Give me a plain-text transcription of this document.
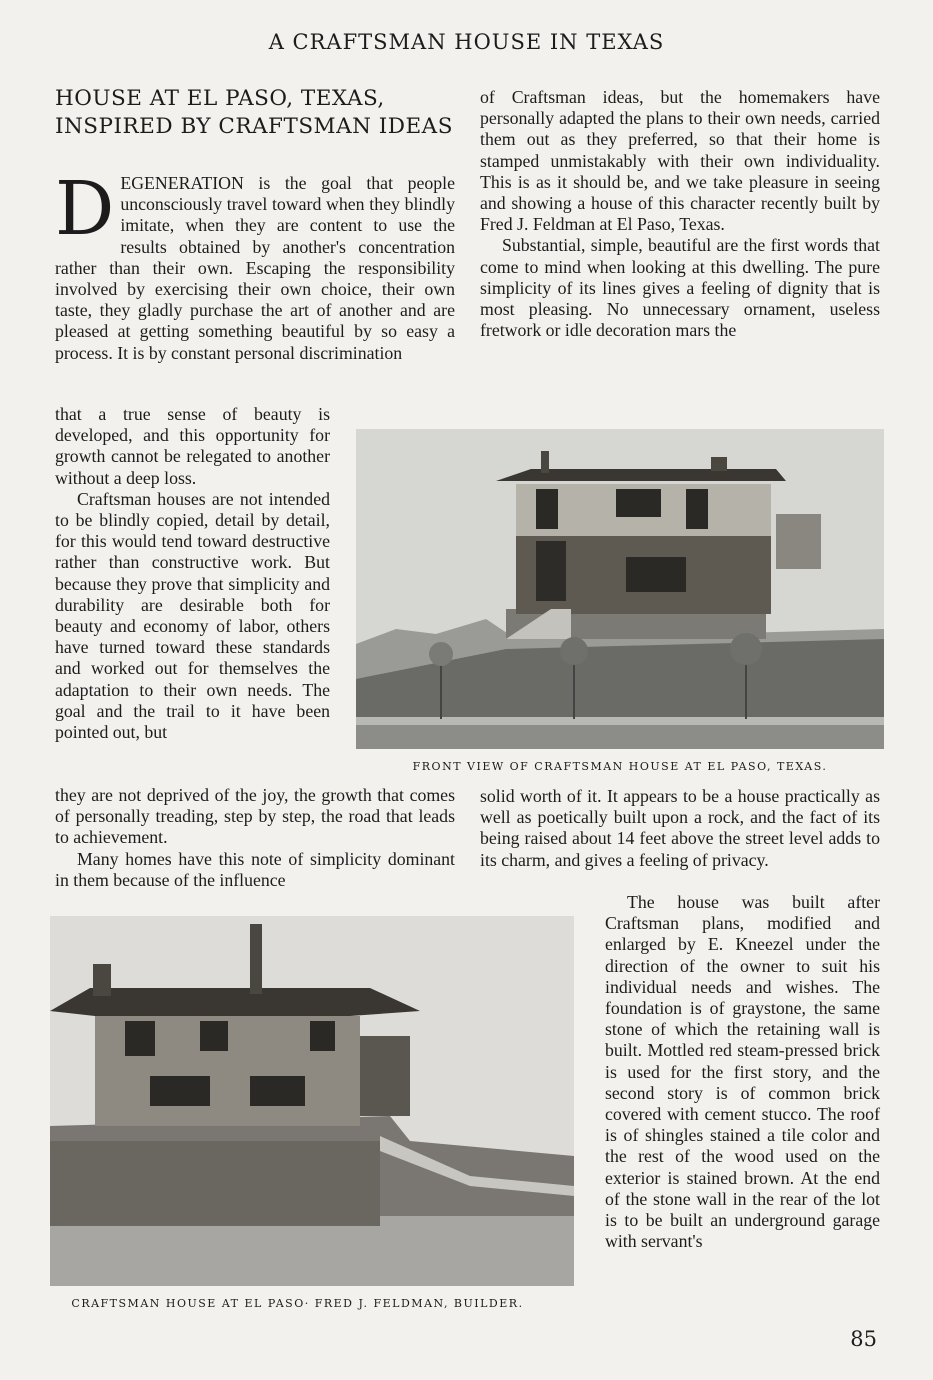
A CRAFTSMAN HOUSE IN TEXAS
HOUSE AT EL PASO, TEXAS, INSPIRED BY CRAFTSMAN IDEAS

DEGENERATION is the goal that people unconsciously travel toward when they blindly imitate, when they are content to use the results obtained by another's concentration rather than their own. Escaping the responsibility involved by exercising their own choice, their own taste, they gladly purchase the art of another and are pleased at getting something beautiful by so easy a process. It is by constant personal discrimination

that a true sense of beauty is developed, and this opportunity for growth cannot be relegated to another without a deep loss.

Craftsman houses are not intended to be blindly copied, detail by detail, for this would tend toward destructive rather than constructive work. But because they prove that simplicity and durability are desirable both for beauty and economy of labor, others have turned toward these standards and worked out for themselves the adaptation to their own needs. The goal and the trail to it have been pointed out, but

they are not deprived of the joy, the growth that comes of personally treading, step by step, the road that leads to achievement.

Many homes have this note of simplicity dominant in them because of the influence

of Craftsman ideas, but the homemakers have personally adapted the plans to their own needs, carried them out as they preferred, so that their home is stamped unmistakably with their own individuality. This is as it should be, and we take pleasure in seeing and showing a house of this character recently built by Fred J. Feldman at El Paso, Texas.

Substantial, simple, beautiful are the first words that come to mind when looking at this dwelling. The pure simplicity of its lines gives a feeling of dignity that is most pleasing. No unnecessary ornament, useless fretwork or idle decoration mars the

FRONT VIEW OF CRAFTSMAN HOUSE AT EL PASO, TEXAS.

solid worth of it. It appears to be a house practically as well as poetically built upon a rock, and the fact of its being raised about 14 feet above the street level adds to its charm, and gives a feeling of privacy.

The house was built after Craftsman plans, modified and enlarged by E. Kneezel under the direction of the owner to suit his individual needs and wishes. The foundation is of graystone, the same stone of which the retaining wall is built. Mottled red steam-pressed brick is used for the first story, and the second story is of common brick covered with cement stucco. The roof is of shingles stained a tile color and the rest of the wood used on the exterior is stained brown. At the end of the stone wall in the rear of the lot is to be built an underground garage with servant's

CRAFTSMAN HOUSE AT EL PASO· FRED J. FELDMAN, BUILDER.
85
